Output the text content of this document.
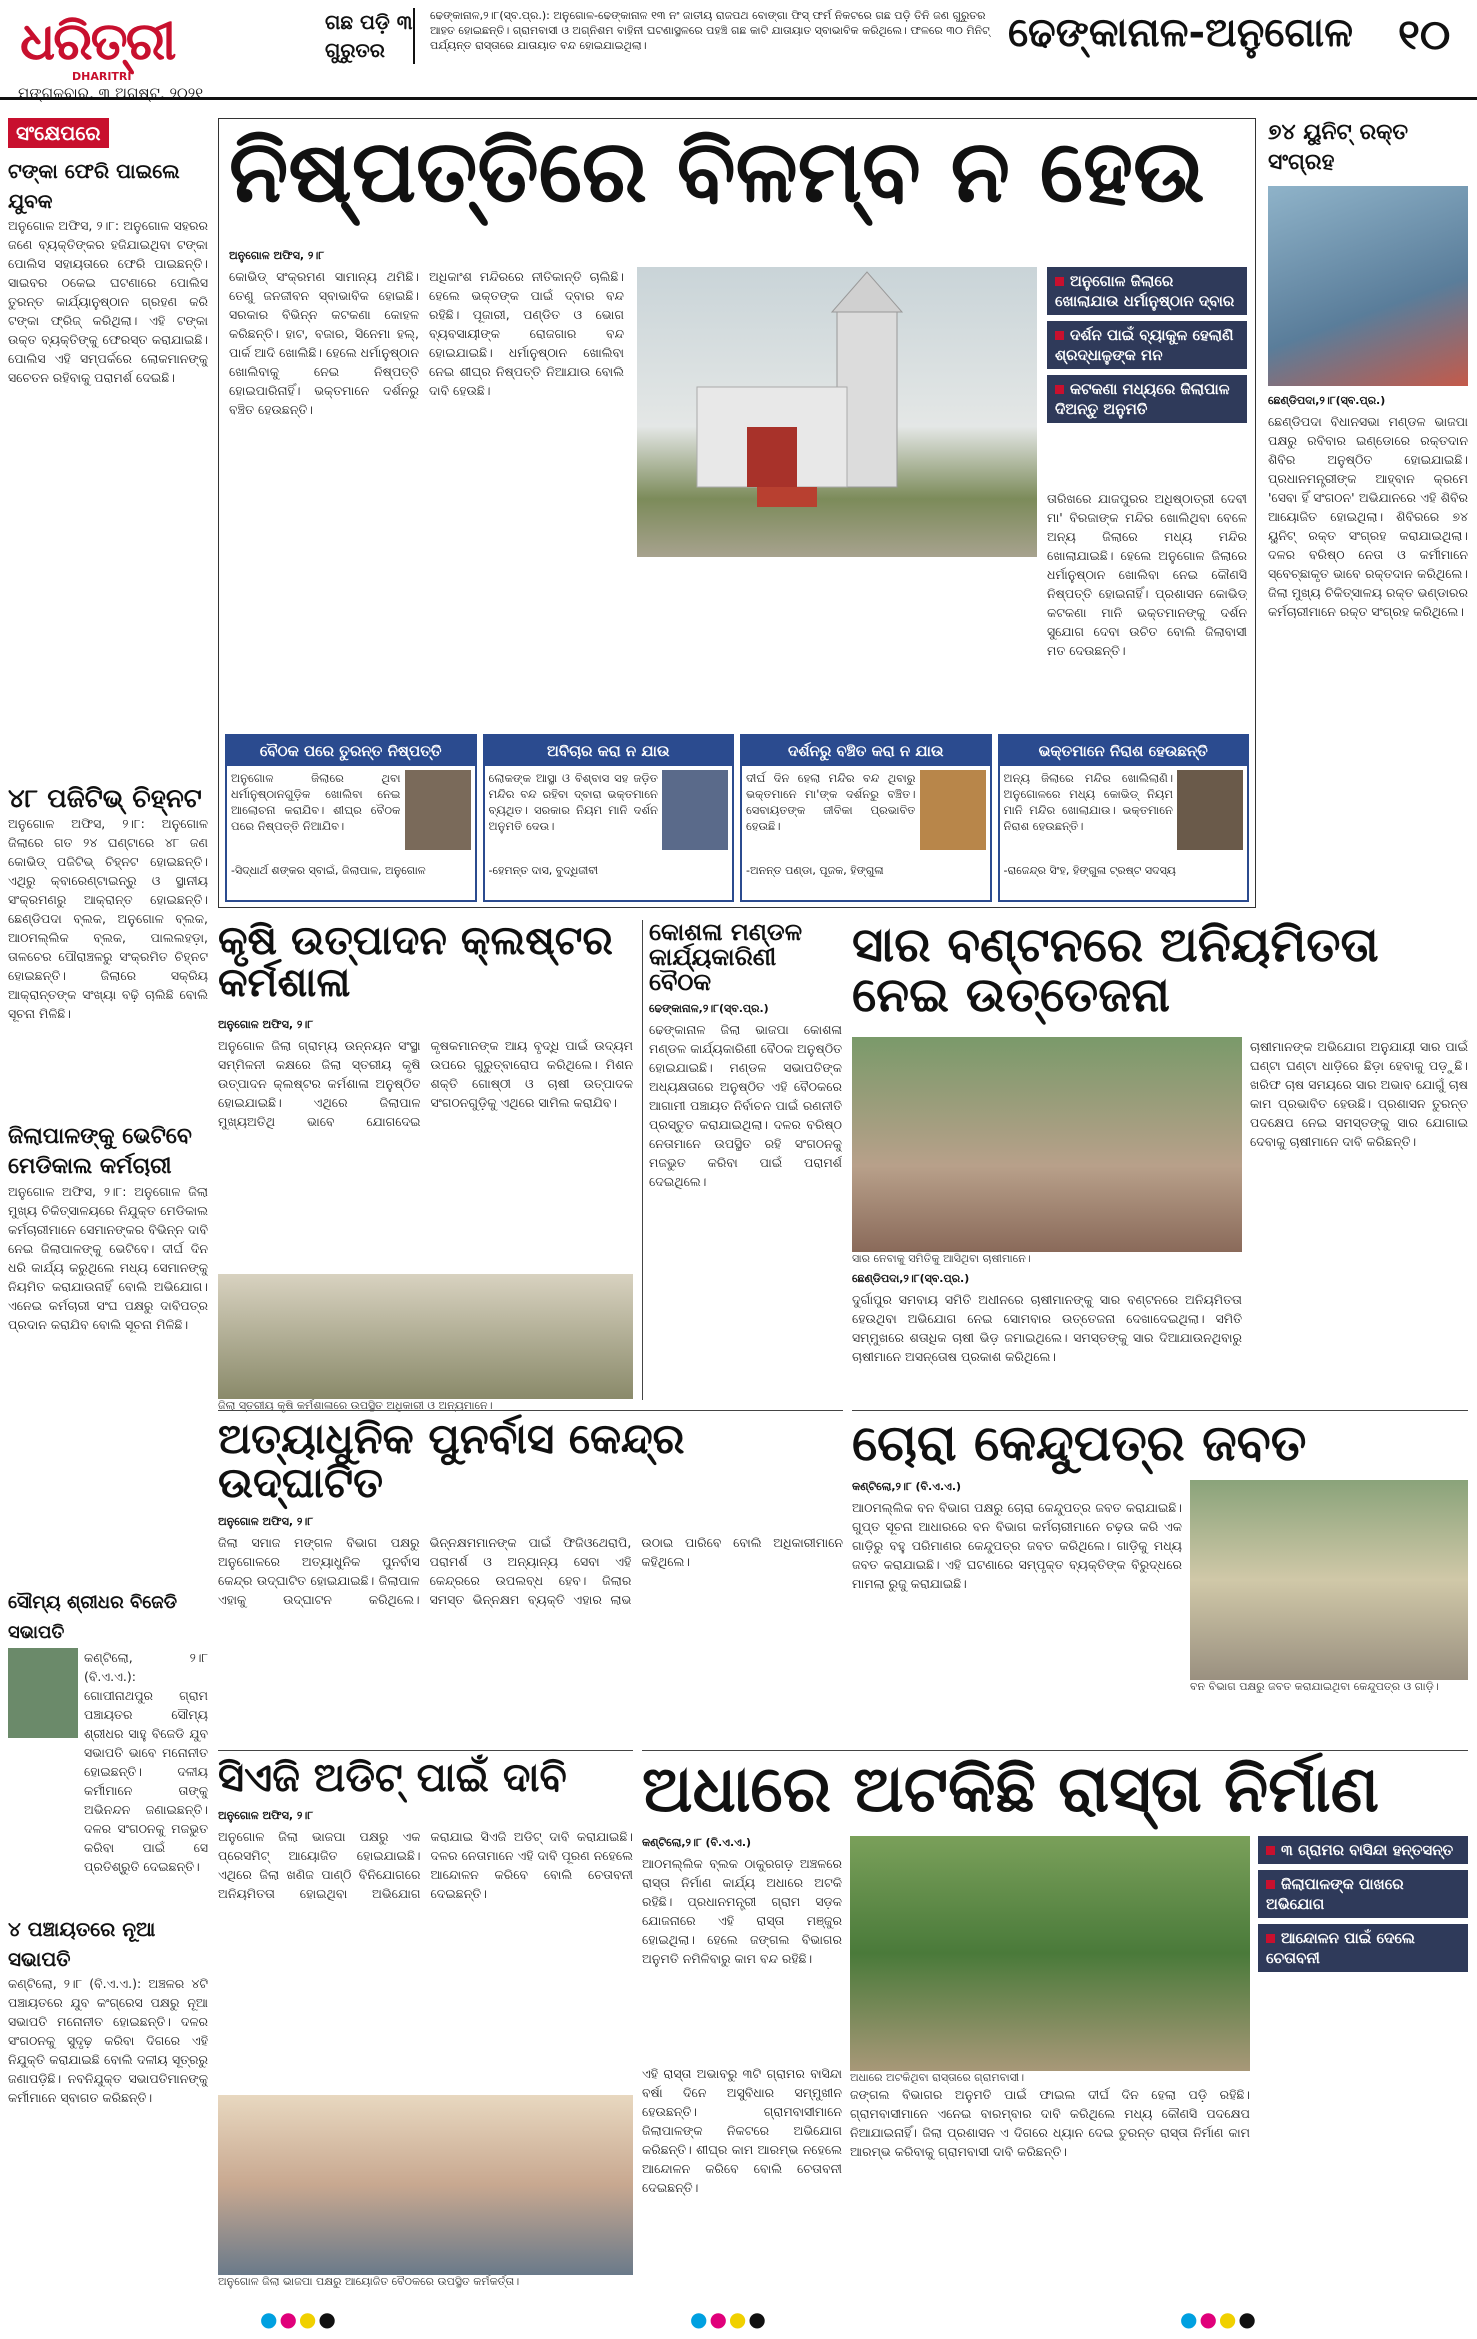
ଧରିତ୍ରୀ
DHARITRI
ମଙ୍ଗଳବାର, ୩ ଅଗଷ୍ଟ, ୨୦୨୧
ଗଛ ପଡ଼ି ୩ ଗୁରୁତର
ଢେଙ୍କାନାଳ,୨।୮(ସ୍ବ.ପ୍ର.): ଅନୁଗୋଳ-ଢେଙ୍କାନାଳ ୧୩ ନଂ ଜାତୀୟ ରାଜପଥ ବୋଙ୍ଗା ଫିସ୍‌ ଫର୍ମ ନିକଟରେ ଗଛ ପଡ଼ି ତିନି ଜଣ ଗୁରୁତର ଆହତ ହୋଇଛନ୍ତି। ଗ୍ରାମବାସୀ ଓ ଅଗ୍ନିଶମ ବାହିନୀ ଘଟଣାସ୍ଥଳରେ ପହଞ୍ଚି ଗଛ କାଟି ଯାତାୟାତ ସ୍ବାଭାବିକ କରିଥିଲେ। ଫଳରେ ୩୦ ମିନିଟ୍‌ ପର୍ଯ୍ୟନ୍ତ ରାସ୍ତାରେ ଯାତାୟାତ ବନ୍ଦ ହୋଇଯାଇଥିଲା।	ଢେଙ୍କାନାଳ-ଅନୁଗୋଳ ୧୦
ସଂକ୍ଷେପରେ
ଟଙ୍କା ଫେରି ପାଇଲେ ଯୁବକ
ଅନୁଗୋଳ ଅଫିସ, ୨।୮: ଅନୁଗୋଳ ସହରର ଜଣେ ବ୍ୟକ୍ତିଙ୍କର ହଜିଯାଇଥିବା ଟଙ୍କା ପୋଲିସ ସହାୟତାରେ ଫେରି ପାଇଛନ୍ତି। ସାଇବର ଠକେଇ ଘଟଣାରେ ପୋଲିସ ତୁରନ୍ତ କାର୍ଯ୍ୟାନୁଷ୍ଠାନ ଗ୍ରହଣ କରି ଟଙ୍କା ଫ୍ରିଜ୍‌ କରିଥିଲା। ଏହି ଟଙ୍କା ଉକ୍ତ ବ୍ୟକ୍ତିଙ୍କୁ ଫେରସ୍ତ କରାଯାଇଛି। ପୋଲିସ ଏହି ସମ୍ପର୍କରେ ଲୋକମାନଙ୍କୁ ସଚେତନ ରହିବାକୁ ପରାମର୍ଶ ଦେଇଛି।
୪୮ ପଜିଟିଭ୍‌ ଚିହ୍ନଟ
ଅନୁଗୋଳ ଅଫିସ, ୨।୮: ଅନୁଗୋଳ ଜିଲାରେ ଗତ ୨୪ ଘଣ୍ଟାରେ ୪୮ ଜଣ କୋଭିଡ୍‌ ପଜିଟିଭ୍‌ ଚିହ୍ନଟ ହୋଇଛନ୍ତି। ଏଥିରୁ କ୍ବାରେଣ୍ଟାଇନ୍‌ରୁ ଓ ସ୍ଥାନୀୟ ସଂକ୍ରମଣରୁ ଆକ୍ରାନ୍ତ ହୋଇଛନ୍ତି। ଛେଣ୍ଡିପଦା ବ୍ଲକ, ଅନୁଗୋଳ ବ୍ଲକ, ଆଠମଲ୍ଲିକ ବ୍ଲକ, ପାଲଲହଡ଼ା, ତାଳଚେର ପୌରାଞ୍ଚଳରୁ ସଂକ୍ରମିତ ଚିହ୍ନଟ ହୋଇଛନ୍ତି। ଜିଲାରେ ସକ୍ରିୟ ଆକ୍ରାନ୍ତଙ୍କ ସଂଖ୍ୟା ବଢ଼ି ଚାଲିଛି ବୋଲି ସୂଚନା ମିଳିଛି।
ଜିଲାପାଳଙ୍କୁ ଭେଟିବେ ମେଡିକାଲ କର୍ମଚାରୀ
ଅନୁଗୋଳ ଅଫିସ, ୨।୮: ଅନୁଗୋଳ ଜିଲା ମୁଖ୍ୟ ଚିକିତ୍ସାଳୟରେ ନିଯୁକ୍ତ ମେଡିକାଲ କର୍ମଚାରୀମାନେ ସେମାନଙ୍କର ବିଭିନ୍ନ ଦାବି ନେଇ ଜିଲାପାଳଙ୍କୁ ଭେଟିବେ। ଦୀର୍ଘ ଦିନ ଧରି କାର୍ଯ୍ୟ କରୁଥିଲେ ମଧ୍ୟ ସେମାନଙ୍କୁ ନିୟମିତ କରାଯାଉନାହିଁ ବୋଲି ଅଭିଯୋଗ। ଏନେଇ କର୍ମଚାରୀ ସଂଘ ପକ୍ଷରୁ ଦାବିପତ୍ର ପ୍ରଦାନ କରାଯିବ ବୋଲି ସୂଚନା ମିଳିଛି।
ସୌମ୍ୟ ଶ୍ରୀଧର ବିଜେଡି ସଭାପତି
କଣ୍ଟିଲୋ, ୨।୮ (ବି.ଏ.ଏ.): ଗୋପୀନାଥପୁର ଗ୍ରାମ ପଞ୍ଚାୟତର ସୌମ୍ୟ ଶ୍ରୀଧର ସାହୁ ବିଜେଡି ଯୁବ ସଭାପତି ଭାବେ ମନୋନୀତ ହୋଇଛନ୍ତି। ଦଳୀୟ କର୍ମୀମାନେ ତାଙ୍କୁ ଅଭିନନ୍ଦନ ଜଣାଇଛନ୍ତି। ଦଳର ସଂଗଠନକୁ ମଜଭୁତ କରିବା ପାଇଁ ସେ ପ୍ରତିଶ୍ରୁତି ଦେଇଛନ୍ତି।
୪ ପଞ୍ଚାୟତରେ ନୂଆ ସଭାପତି
କଣ୍ଟିଲୋ, ୨।୮ (ବି.ଏ.ଏ.): ଅଞ୍ଚଳର ୪ଟି ପଞ୍ଚାୟତରେ ଯୁବ କଂଗ୍ରେସ ପକ୍ଷରୁ ନୂଆ ସଭାପତି ମନୋନୀତ ହୋଇଛନ୍ତି। ଦଳର ସଂଗଠନକୁ ସୁଦୃଢ଼ କରିବା ଦିଗରେ ଏହି ନିଯୁକ୍ତି କରାଯାଇଛି ବୋଲି ଦଳୀୟ ସୂତ୍ରରୁ ଜଣାପଡ଼ିଛି। ନବନିଯୁକ୍ତ ସଭାପତିମାନଙ୍କୁ କର୍ମୀମାନେ ସ୍ବାଗତ କରିଛନ୍ତି।
ନିଷ୍ପତ୍ତିରେ ବିଳମ୍ବ ନ ହେଉ
ଅନୁଗୋଳ ଅଫିସ, ୨।୮
କୋଭିଡ୍‌ ସଂକ୍ରମଣ ସାମାନ୍ୟ ଥମିଛି। ତେଣୁ ଜନଜୀବନ ସ୍ବାଭାବିକ ହୋଇଛି। ସରକାର ବିଭିନ୍ନ କଟକଣା କୋହଳ କରିଛନ୍ତି। ହାଟ, ବଜାର, ସିନେମା ହଲ୍‌, ପାର୍କ ଆଦି ଖୋଲିଛି। ହେଲେ ଧର୍ମାନୁଷ୍ଠାନ ଖୋଲିବାକୁ ନେଇ ନିଷ୍ପତ୍ତି ହୋଇପାରିନାହିଁ। ଭକ୍ତମାନେ ଦର୍ଶନରୁ ବଞ୍ଚିତ ହେଉଛନ୍ତି।
ଅଧିକାଂଶ ମନ୍ଦିରରେ ନୀତିକାନ୍ତି ଚାଲିଛି। ହେଲେ ଭକ୍ତଙ୍କ ପାଇଁ ଦ୍ବାର ବନ୍ଦ ରହିଛି। ପୂଜାରୀ, ପଣ୍ଡିତ ଓ ଭୋଗ ବ୍ୟବସାୟୀଙ୍କ ରୋଜଗାର ବନ୍ଦ ହୋଇଯାଇଛି। ଧର୍ମାନୁଷ୍ଠାନ ଖୋଲିବା ନେଇ ଶୀଘ୍ର ନିଷ୍ପତ୍ତି ନିଆଯାଉ ବୋଲି ଦାବି ହେଉଛି।
ଅନୁଗୋଳ ଜିଲାରେ ଖୋଲାଯାଉ ଧର୍ମାନୁଷ୍ଠାନ ଦ୍ବାର
ଦର୍ଶନ ପାଇଁ ବ୍ୟାକୁଳ ହେଲାଣି ଶ୍ରଦ୍ଧାଳୁଙ୍କ ମନ
କଟକଣା ମଧ୍ୟରେ ଜିଲାପାଳ ଦିଅନ୍ତୁ ଅନୁମତି
ତାରିଖରେ ଯାଜପୁରର ଅଧିଷ୍ଠାତ୍ରୀ ଦେବୀ ମା' ବିରଜାଙ୍କ ମନ୍ଦିର ଖୋଲିଥିବା ବେଳେ ଅନ୍ୟ ଜିଲାରେ ମଧ୍ୟ ମନ୍ଦିର ଖୋଲାଯାଇଛି। ହେଲେ ଅନୁଗୋଳ ଜିଲାରେ ଧର୍ମାନୁଷ୍ଠାନ ଖୋଲିବା ନେଇ କୌଣସି ନିଷ୍ପତ୍ତି ହୋଇନାହିଁ। ପ୍ରଶାସନ କୋଭିଡ୍‌ କଟକଣା ମାନି ଭକ୍ତମାନଙ୍କୁ ଦର୍ଶନ ସୁଯୋଗ ଦେବା ଉଚିତ ବୋଲି ଜିଲାବାସୀ ମତ ଦେଉଛନ୍ତି।
ବୈଠକ ପରେ ତୁରନ୍ତ ନିଷ୍ପତ୍ତି
ଅନୁଗୋଳ ଜିଲାରେ ଥିବା ଧର୍ମାନୁଷ୍ଠାନଗୁଡ଼ିକ ଖୋଲିବା ନେଇ ଆଲୋଚନା କରାଯିବ। ଶୀଘ୍ର ବୈଠକ ପରେ ନିଷ୍ପତ୍ତି ନିଆଯିବ।
-ସିଦ୍ଧାର୍ଥ ଶଙ୍କର ସ୍ବାଇଁ, ଜିଲାପାଳ, ଅନୁଗୋଳ
ଅବିଚାର କରା ନ ଯାଉ
ଲୋକଙ୍କ ଆସ୍ଥା ଓ ବିଶ୍ବାସ ସହ ଜଡ଼ିତ ମନ୍ଦିର ବନ୍ଦ ରହିବା ଦ୍ବାରା ଭକ୍ତମାନେ ବ୍ୟଥିତ। ସରକାର ନିୟମ ମାନି ଦର୍ଶନ ଅନୁମତି ଦେଉ।
-ହେମନ୍ତ ଦାସ, ବୁଦ୍ଧିଜୀବୀ
ଦର୍ଶନରୁ ବଞ୍ଚିତ କରା ନ ଯାଉ
ଦୀର୍ଘ ଦିନ ହେଲା ମନ୍ଦିର ବନ୍ଦ ଥିବାରୁ ଭକ୍ତମାନେ ମା'ଙ୍କ ଦର୍ଶନରୁ ବଞ୍ଚିତ। ସେବାୟତଙ୍କ ଜୀବିକା ପ୍ରଭାବିତ ହେଉଛି।
-ଅନନ୍ତ ପଣ୍ଡା, ପୂଜକ, ହିଙ୍ଗୁଳା
ଭକ୍ତମାନେ ନିରାଶ ହେଉଛନ୍ତି
ଅନ୍ୟ ଜିଲାରେ ମନ୍ଦିର ଖୋଲିଲାଣି। ଅନୁଗୋଳରେ ମଧ୍ୟ କୋଭିଡ୍‌ ନିୟମ ମାନି ମନ୍ଦିର ଖୋଲାଯାଉ। ଭକ୍ତମାନେ ନିରାଶ ହେଉଛନ୍ତି।
-ରାଜେନ୍ଦ୍ର ସିଂହ, ହିଙ୍ଗୁଳା ଟ୍ରଷ୍ଟ ସଦସ୍ୟ
୭୪ ୟୁନିଟ୍‌ ରକ୍ତ ସଂଗ୍ରହ
ଛେଣ୍ଡିପଦା,୨।୮(ସ୍ବ.ପ୍ର.)
ଛେଣ୍ଡିପଦା ବିଧାନସଭା ମଣ୍ଡଳ ଭାଜପା ପକ୍ଷରୁ ରବିବାର ଇଣ୍ଡୋରେ ରକ୍ତଦାନ ଶିବିର ଅନୁଷ୍ଠିତ ହୋଇଯାଇଛି। ପ୍ରଧାନମନ୍ତ୍ରୀଙ୍କ ଆହ୍ବାନ କ୍ରମେ 'ସେବା ହିଁ ସଂଗଠନ' ଅଭିଯାନରେ ଏହି ଶିବିର ଆୟୋଜିତ ହୋଇଥିଲା। ଶିବିରରେ ୭୪ ୟୁନିଟ୍‌ ରକ୍ତ ସଂଗ୍ରହ କରାଯାଇଥିଲା। ଦଳର ବରିଷ୍ଠ ନେତା ଓ କର୍ମୀମାନେ ସ୍ବେଚ୍ଛାକୃତ ଭାବେ ରକ୍ତଦାନ କରିଥିଲେ। ଜିଲା ମୁଖ୍ୟ ଚିକିତ୍ସାଳୟ ରକ୍ତ ଭଣ୍ଡାରର କର୍ମଚାରୀମାନେ ରକ୍ତ ସଂଗ୍ରହ କରିଥିଲେ।
କୃଷି ଉତ୍ପାଦନ କ୍ଲଷ୍ଟର କର୍ମଶାଳା
ଅନୁଗୋଳ ଅଫିସ, ୨।୮
ଅନୁଗୋଳ ଜିଲା ଗ୍ରାମ୍ୟ ଉନ୍ନୟନ ସଂସ୍ଥା ସମ୍ମିଳନୀ କକ୍ଷରେ ଜିଲା ସ୍ତରୀୟ କୃଷି ଉତ୍ପାଦନ କ୍ଲଷ୍ଟର କର୍ମଶାଳା ଅନୁଷ୍ଠିତ ହୋଇଯାଇଛି। ଏଥିରେ ଜିଲାପାଳ ମୁଖ୍ୟଅତିଥି ଭାବେ ଯୋଗଦେଇ କୃଷକମାନଙ୍କ ଆୟ ବୃଦ୍ଧି ପାଇଁ ଉଦ୍ୟମ ଉପରେ ଗୁରୁତ୍ବାରୋପ କରିଥିଲେ। ମିଶନ ଶକ୍ତି ଗୋଷ୍ଠୀ ଓ ଚାଷୀ ଉତ୍ପାଦକ ସଂଗଠନଗୁଡ଼ିକୁ ଏଥିରେ ସାମିଲ କରାଯିବ।
ଜିଲା ସ୍ତରୀୟ କୃଷି କର୍ମଶାଳାରେ ଉପସ୍ଥିତ ଅଧିକାରୀ ଓ ଅନ୍ୟମାନେ।
କୋଶଳା ମଣ୍ଡଳ କାର୍ଯ୍ୟକାରିଣୀ ବୈଠକ
ଢେଙ୍କାନାଳ,୨।୮(ସ୍ବ.ପ୍ର.)
ଢେଙ୍କାନାଳ ଜିଲା ଭାଜପା କୋଶଳା ମଣ୍ଡଳ କାର୍ଯ୍ୟକାରିଣୀ ବୈଠକ ଅନୁଷ୍ଠିତ ହୋଇଯାଇଛି। ମଣ୍ଡଳ ସଭାପତିଙ୍କ ଅଧ୍ୟକ୍ଷତାରେ ଅନୁଷ୍ଠିତ ଏହି ବୈଠକରେ ଆଗାମୀ ପଞ୍ଚାୟତ ନିର୍ବାଚନ ପାଇଁ ରଣନୀତି ପ୍ରସ୍ତୁତ କରାଯାଇଥିଲା। ଦଳର ବରିଷ୍ଠ ନେତାମାନେ ଉପସ୍ଥିତ ରହି ସଂଗଠନକୁ ମଜଭୁତ କରିବା ପାଇଁ ପରାମର୍ଶ ଦେଇଥିଲେ।
ସାର ବଣ୍ଟନରେ ଅନିୟମିତତା ନେଇ ଉତ୍ତେଜନା
ସାର ନେବାକୁ ସମିତିକୁ ଆସିଥିବା ଚାଷୀମାନେ।
ଛେଣ୍ଡିପଦା,୨।୮(ସ୍ବ.ପ୍ର.)
ଦୁର୍ଗାପୁର ସମବାୟ ସମିତି ଅଧୀନରେ ଚାଷୀମାନଙ୍କୁ ସାର ବଣ୍ଟନରେ ଅନିୟମିତତା ହେଉଥିବା ଅଭିଯୋଗ ନେଇ ସୋମବାର ଉତ୍ତେଜନା ଦେଖାଦେଇଥିଲା। ସମିତି ସମ୍ମୁଖରେ ଶତାଧିକ ଚାଷୀ ଭିଡ଼ ଜମାଇଥିଲେ। ସମସ୍ତଙ୍କୁ ସାର ଦିଆଯାଉନଥିବାରୁ ଚାଷୀମାନେ ଅସନ୍ତୋଷ ପ୍ରକାଶ କରିଥିଲେ।
ଚାଷୀମାନଙ୍କ ଅଭିଯୋଗ ଅନୁଯାୟୀ ସାର ପାଇଁ ଘଣ୍ଟା ଘଣ୍ଟା ଧାଡ଼ିରେ ଛିଡ଼ା ହେବାକୁ ପଡ଼ୁଛି। ଖରିଫ ଚାଷ ସମୟରେ ସାର ଅଭାବ ଯୋଗୁଁ ଚାଷ କାମ ପ୍ରଭାବିତ ହେଉଛି। ପ୍ରଶାସନ ତୁରନ୍ତ ପଦକ୍ଷେପ ନେଇ ସମସ୍ତଙ୍କୁ ସାର ଯୋଗାଇ ଦେବାକୁ ଚାଷୀମାନେ ଦାବି କରିଛନ୍ତି।
ଅତ୍ୟାଧୁନିକ ପୁନର୍ବାସ କେନ୍ଦ୍ର ଉଦ୍‌ଘାଟିତ
ଅନୁଗୋଳ ଅଫିସ, ୨।୮
ଜିଲା ସମାଜ ମଙ୍ଗଳ ବିଭାଗ ପକ୍ଷରୁ ଅନୁଗୋଳରେ ଅତ୍ୟାଧୁନିକ ପୁନର୍ବାସ କେନ୍ଦ୍ର ଉଦ୍‌ଘାଟିତ ହୋଇଯାଇଛି। ଜିଲାପାଳ ଏହାକୁ ଉଦ୍‌ଘାଟନ କରିଥିଲେ। ଭିନ୍ନକ୍ଷମମାନଙ୍କ ପାଇଁ ଫିଜିଓଥେରାପି, ପରାମର୍ଶ ଓ ଅନ୍ୟାନ୍ୟ ସେବା ଏହି କେନ୍ଦ୍ରରେ ଉପଲବ୍ଧ ହେବ। ଜିଲାର ସମସ୍ତ ଭିନ୍ନକ୍ଷମ ବ୍ୟକ୍ତି ଏହାର ଲାଭ ଉଠାଇ ପାରିବେ ବୋଲି ଅଧିକାରୀମାନେ କହିଥିଲେ।
ଚୋରା କେନ୍ଦୁପତ୍ର ଜବତ
କଣ୍ଟିଲୋ,୨।୮ (ବି.ଏ.ଏ.)
ଆଠମଲ୍ଲିକ ବନ ବିଭାଗ ପକ୍ଷରୁ ଚୋରା କେନ୍ଦୁପତ୍ର ଜବତ କରାଯାଇଛି। ଗୁପ୍ତ ସୂଚନା ଆଧାରରେ ବନ ବିଭାଗ କର୍ମଚାରୀମାନେ ଚଢ଼ଉ କରି ଏକ ଗାଡ଼ିରୁ ବହୁ ପରିମାଣର କେନ୍ଦୁପତ୍ର ଜବତ କରିଥିଲେ। ଗାଡ଼ିକୁ ମଧ୍ୟ ଜବତ କରାଯାଇଛି। ଏହି ଘଟଣାରେ ସମ୍ପୃକ୍ତ ବ୍ୟକ୍ତିଙ୍କ ବିରୁଦ୍ଧରେ ମାମଲା ରୁଜୁ କରାଯାଇଛି।
ବନ ବିଭାଗ ପକ୍ଷରୁ ଜବତ କରାଯାଇଥିବା କେନ୍ଦୁପତ୍ର ଓ ଗାଡ଼ି।
ସିଏଜି ଅଡିଟ୍‌ ପାଇଁ ଦାବି
ଅନୁଗୋଳ ଅଫିସ, ୨।୮
ଅନୁଗୋଳ ଜିଲା ଭାଜପା ପକ୍ଷରୁ ଏକ ପ୍ରେସମିଟ୍‌ ଆୟୋଜିତ ହୋଇଯାଇଛି। ଏଥିରେ ଜିଲା ଖଣିଜ ପାଣ୍ଠି ବିନିଯୋଗରେ ଅନିୟମିତତା ହୋଇଥିବା ଅଭିଯୋଗ କରାଯାଇ ସିଏଜି ଅଡିଟ୍‌ ଦାବି କରାଯାଇଛି। ଦଳର ନେତାମାନେ ଏହି ଦାବି ପୂରଣ ନହେଲେ ଆନ୍ଦୋଳନ କରିବେ ବୋଲି ଚେତାବନୀ ଦେଇଛନ୍ତି।
ଅନୁଗୋଳ ଜିଲା ଭାଜପା ପକ୍ଷରୁ ଆୟୋଜିତ ବୈଠକରେ ଉପସ୍ଥିତ କର୍ମକର୍ତ୍ତା।
ଅଧାରେ ଅଟକିଛି ରାସ୍ତା ନିର୍ମାଣ
କଣ୍ଟିଲୋ,୨।୮ (ବି.ଏ.ଏ.)
ଆଠମଲ୍ଲିକ ବ୍ଲକ ଠାକୁରଗଡ଼ ଅଞ୍ଚଳରେ ରାସ୍ତା ନିର୍ମାଣ କାର୍ଯ୍ୟ ଅଧାରେ ଅଟକି ରହିଛି। ପ୍ରଧାନମନ୍ତ୍ରୀ ଗ୍ରାମ ସଡ଼କ ଯୋଜନାରେ ଏହି ରାସ୍ତା ମଞ୍ଜୁର ହୋଇଥିଲା। ହେଲେ ଜଙ୍ଗଲ ବିଭାଗର ଅନୁମତି ନମିଳିବାରୁ କାମ ବନ୍ଦ ରହିଛି।
ଏହି ରାସ୍ତା ଅଭାବରୁ ୩ଟି ଗ୍ରାମର ବାସିନ୍ଦା ବର୍ଷା ଦିନେ ଅସୁବିଧାର ସମ୍ମୁଖୀନ ହେଉଛନ୍ତି। ଗ୍ରାମବାସୀମାନେ ଜିଲାପାଳଙ୍କ ନିକଟରେ ଅଭିଯୋଗ କରିଛନ୍ତି। ଶୀଘ୍ର କାମ ଆରମ୍ଭ ନହେଲେ ଆନ୍ଦୋଳନ କରିବେ ବୋଲି ଚେତାବନୀ ଦେଇଛନ୍ତି।
ଅଧାରେ ଅଟକିଥିବା ରାସ୍ତାରେ ଗ୍ରାମବାସୀ।
ଜଙ୍ଗଲ ବିଭାଗର ଅନୁମତି ପାଇଁ ଫାଇଲ ଦୀର୍ଘ ଦିନ ହେଲା ପଡ଼ି ରହିଛି। ଗ୍ରାମବାସୀମାନେ ଏନେଇ ବାରମ୍ବାର ଦାବି କରିଥିଲେ ମଧ୍ୟ କୌଣସି ପଦକ୍ଷେପ ନିଆଯାଇନାହିଁ। ଜିଲା ପ୍ରଶାସନ ଏ ଦିଗରେ ଧ୍ୟାନ ଦେଇ ତୁରନ୍ତ ରାସ୍ତା ନିର୍ମାଣ କାମ ଆରମ୍ଭ କରିବାକୁ ଗ୍ରାମବାସୀ ଦାବି କରିଛନ୍ତି।
୩ ଗ୍ରାମର ବାସିନ୍ଦା ହନ୍ତସନ୍ତ
ଜିଲାପାଳଙ୍କ ପାଖରେ ଅଭିଯୋଗ
ଆନ୍ଦୋଳନ ପାଇଁ ଦେଲେ ଚେତାବନୀ
●●●●	●●●●	●●●●
